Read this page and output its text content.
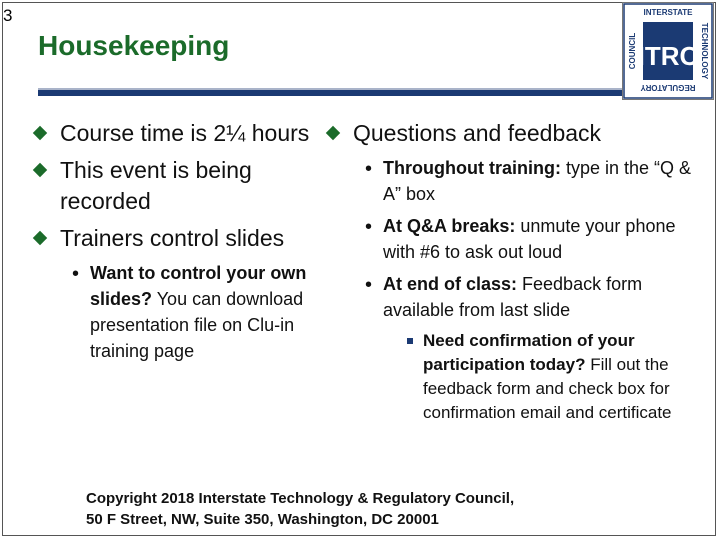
3
Housekeeping
INTERSTATE
REGULATORY
COUNCIL	TECHNOLOGY
ITRC
Course time is 2¼ hours
This event is being recorded
Trainers control slides
• Want to control your own slides? You can download presentation file on Clu-in training page
Questions and feedback
• Throughout training: type in the “Q & A” box
• At Q&A breaks: unmute your phone with #6 to ask out loud
• At end of class: Feedback form available from last slide
Need confirmation of your participation today? Fill out the feedback form and check box for confirmation email and certificate
Copyright 2018 Interstate Technology & Regulatory Council,
50 F Street, NW, Suite 350, Washington, DC 20001
